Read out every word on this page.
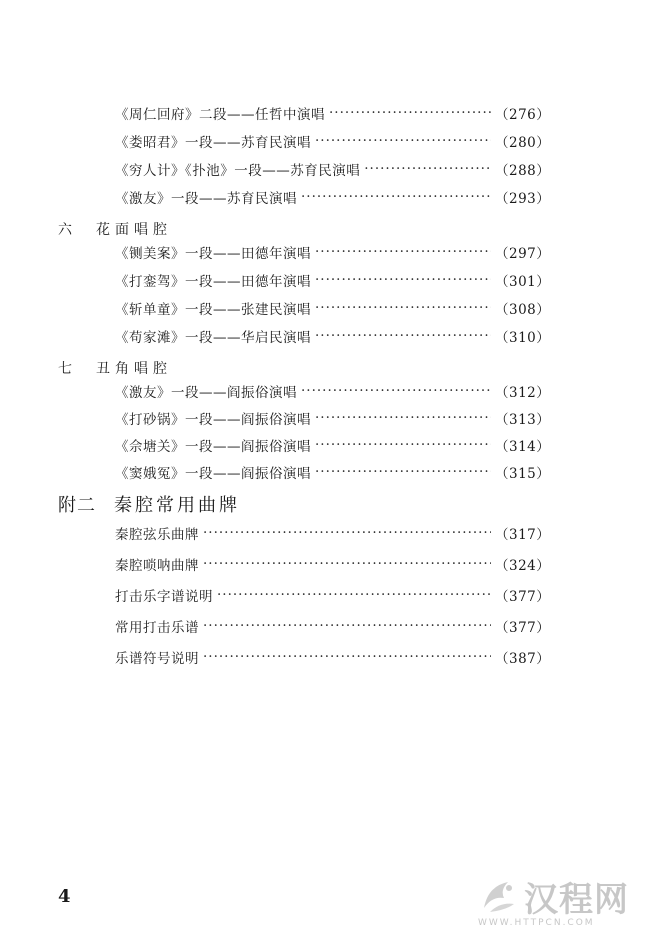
《周仁回府》二段——任哲中演唱 ·····	（276）
《娄昭君》一段——苏育民演唱 ·····	（280）
《穷人计》《扑池》一段——苏育民演唱 ·····	（288）
《激友》一段——苏育民演唱 ·····	（293）
六	花面唱腔
《铡美案》一段——田德年演唱 ·····	（297）
《打銮驾》一段——田德年演唱 ·····	（301）
《斩单童》一段——张建民演唱 ·····	（308）
《苟家滩》一段——华启民演唱 ·····	（310）
七	丑角唱腔
《激友》一段——阎振俗演唱 ·····	（312）
《打砂锅》一段——阎振俗演唱 ·····	（313）
《佘塘关》一段——阎振俗演唱 ·····	（314）
《窦娥冤》一段——阎振俗演唱 ·····	（315）
附二	秦腔常用曲牌
秦腔弦乐曲牌 ·····	（317）
秦腔唢呐曲牌 ·····	（324）
打击乐字谱说明 ·····	（377）
常用打击乐谱 ·····	（377）
乐谱符号说明 ·····	（387）
4	汉程网
WWW.HTTPCN.COM
